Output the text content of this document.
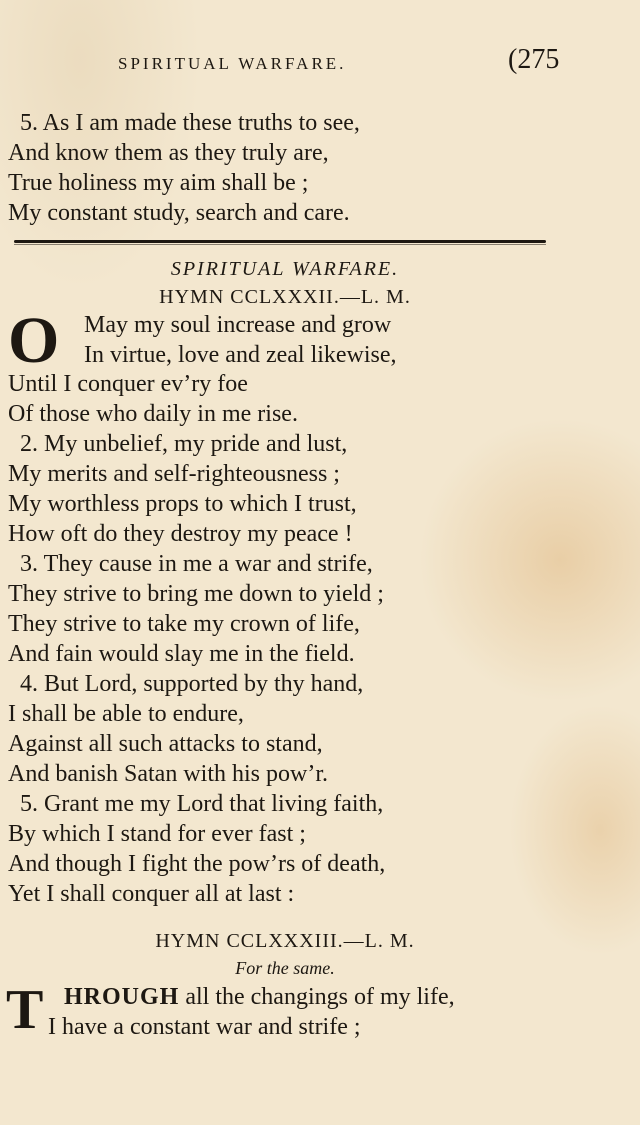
SPIRITUAL WARFARE.	(275
5. As I am made these truths to see,
And know them as they truly are,
True holiness my aim shall be ;
My constant study, search and care.
SPIRITUAL WARFARE.
HYMN CCLXXXII.—L. M.
O May my soul increase and grow
In virtue, love and zeal likewise,
Until I conquer ev’ry foe
Of those who daily in me rise.
2. My unbelief, my pride and lust,
My merits and self-righteousness ;
My worthless props to which I trust,
How oft do they destroy my peace !
3. They cause in me a war and strife,
They strive to bring me down to yield ;
They strive to take my crown of life,
And fain would slay me in the field.
4. But Lord, supported by thy hand,
I shall be able to endure,
Against all such attacks to stand,
And banish Satan with his pow’r.
5. Grant me my Lord that living faith,
By which I stand for ever fast ;
And though I fight the pow’rs of death,
Yet I shall conquer all at last :
HYMN CCLXXXIII.—L. M.
For the same.
T HROUGH all the changings of my life,
I have a constant war and strife ;
